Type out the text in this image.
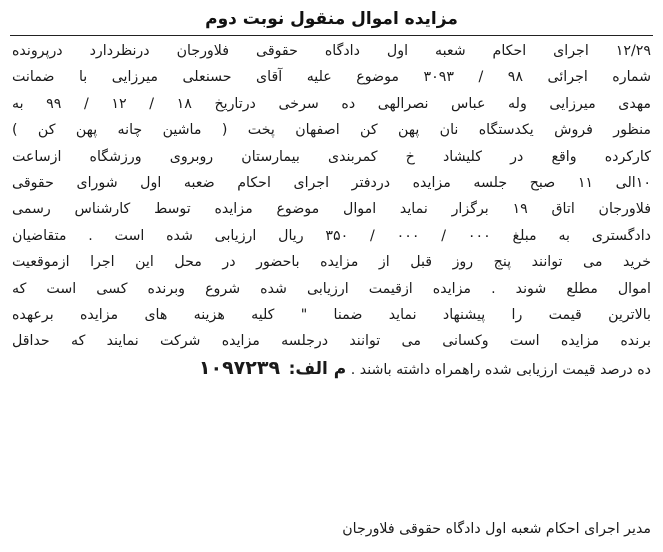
مزایده اموال منقول نوبت دوم
۱۲/۲۹ اجرای احکام شعبه اول دادگاه حقوقی فلاورجان درنظردارد درپرونده
شماره اجرائی ۹۸ / ۳۰۹۳ موضوع علیه آقای حسنعلی میرزایی با ضمانت
مهدی میرزایی وله عباس نصرالهی ده سرخی درتاریخ ۱۸ / ۱۲ / ۹۹ به
منظور فروش یکدستگاه نان پهن کن اصفهان پخت ( ماشین چانه پهن کن )
کارکرده واقع در کلیشاد خ کمربندی بیمارستان روبروی ورزشگاه ازساعت
۱۰الی ۱۱ صبح جلسه مزایده دردفتر اجرای احکام ضعبه اول شورای حقوقی
فلاورجان اتاق ۱۹ برگزار نماید اموال موضوع مزایده توسط کارشناس رسمی
دادگستری به مبلغ ۰۰۰ / ۰۰۰ / ۳۵۰ ریال ارزیابی شده است . متقاضیان
خرید می توانند پنج روز قبل از مزایده باحضور در محل این اجرا ازموقعیت
اموال مطلع شوند . مزایده ازقیمت ارزیابی شده شروع وبرنده کسی است که
بالاترین قیمت را پیشنهاد نماید ضمنا " کلیه هزینه های مزایده برعهده
برنده مزایده است وکسانی می توانند درجلسه مزایده شرکت نمایند که حداقل
ده درصد قیمت ارزیابی شده راهمراه داشته باشند . م الف: ۱۰۹۷۲۳۹
مدیر اجرای احکام شعبه اول دادگاه حقوقی فلاورجان
